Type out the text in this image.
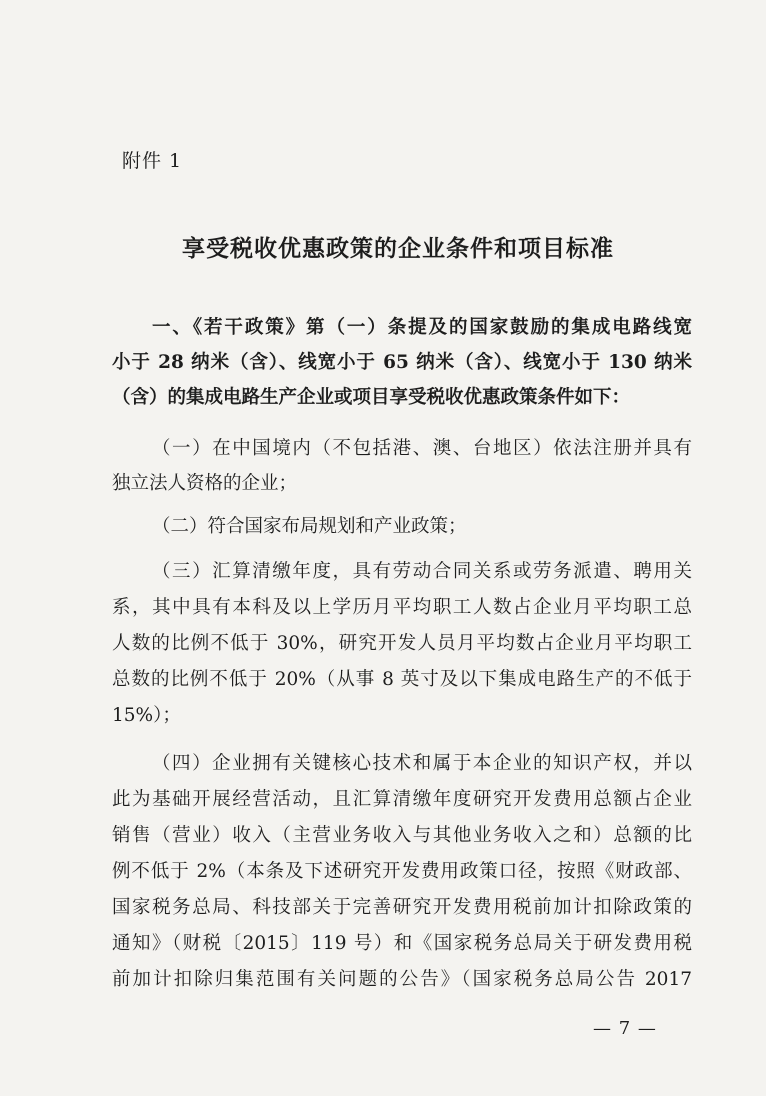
附件 1
享受税收优惠政策的企业条件和项目标准
一、《若干政策》第（一）条提及的国家鼓励的集成电路线宽
小于 28 纳米（含）、线宽小于 65 纳米（含）、线宽小于 130 纳米
（含）的集成电路生产企业或项目享受税收优惠政策条件如下：
（一）在中国境内（不包括港、澳、台地区）依法注册并具有
独立法人资格的企业；
（二）符合国家布局规划和产业政策；
（三）汇算清缴年度，具有劳动合同关系或劳务派遣、聘用关
系，其中具有本科及以上学历月平均职工人数占企业月平均职工总
人数的比例不低于 30%，研究开发人员月平均数占企业月平均职工
总数的比例不低于 20%（从事 8 英寸及以下集成电路生产的不低于
15%）；
（四）企业拥有关键核心技术和属于本企业的知识产权，并以
此为基础开展经营活动，且汇算清缴年度研究开发费用总额占企业
销售（营业）收入（主营业务收入与其他业务收入之和）总额的比
例不低于 2%（本条及下述研究开发费用政策口径，按照《财政部、
国家税务总局、科技部关于完善研究开发费用税前加计扣除政策的
通知》（财税〔2015〕119 号）和《国家税务总局关于研发费用税
前加计扣除归集范围有关问题的公告》（国家税务总局公告 2017
— 7 —
